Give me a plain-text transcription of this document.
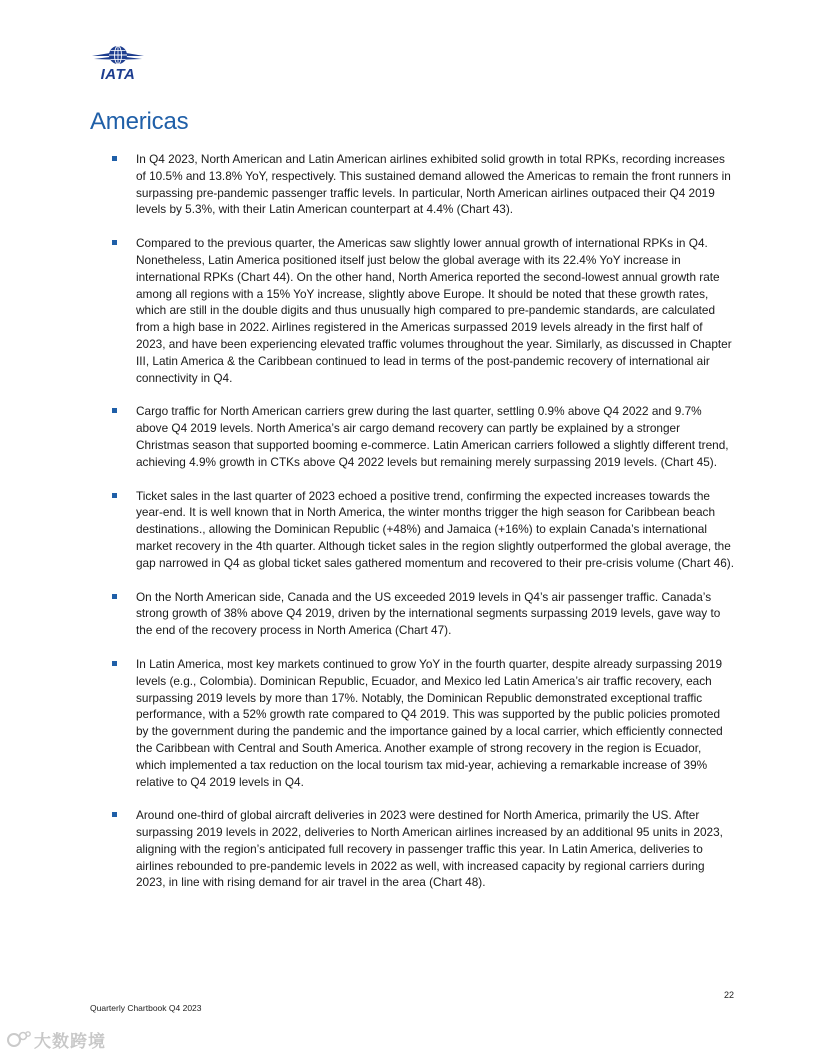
IATA
Americas
In Q4 2023, North American and Latin American airlines exhibited solid growth in total RPKs, recording increases of 10.5% and 13.8% YoY, respectively. This sustained demand allowed the Americas to remain the front runners in surpassing pre-pandemic passenger traffic levels. In particular, North American airlines outpaced their Q4 2019 levels by 5.3%, with their Latin American counterpart at 4.4% (Chart 43).
Compared to the previous quarter, the Americas saw slightly lower annual growth of international RPKs in Q4. Nonetheless, Latin America positioned itself just below the global average with its 22.4% YoY increase in international RPKs (Chart 44). On the other hand, North America reported the second-lowest annual growth rate among all regions with a 15% YoY increase, slightly above Europe. It should be noted that these growth rates, which are still in the double digits and thus unusually high compared to pre-pandemic standards, are calculated from a high base in 2022. Airlines registered in the Americas surpassed 2019 levels already in the first half of 2023, and have been experiencing elevated traffic volumes throughout the year. Similarly, as discussed in Chapter III, Latin America & the Caribbean continued to lead in terms of the post-pandemic recovery of international air connectivity in Q4.
Cargo traffic for North American carriers grew during the last quarter, settling 0.9% above Q4 2022 and 9.7% above Q4 2019 levels. North America’s air cargo demand recovery can partly be explained by a stronger Christmas season that supported booming e-commerce. Latin American carriers followed a slightly different trend, achieving 4.9% growth in CTKs above Q4 2022 levels but remaining merely surpassing 2019 levels. (Chart 45).
Ticket sales in the last quarter of 2023 echoed a positive trend, confirming the expected increases towards the year-end. It is well known that in North America, the winter months trigger the high season for Caribbean beach destinations., allowing the Dominican Republic (+48%) and Jamaica (+16%) to explain Canada’s international market recovery in the 4th quarter. Although ticket sales in the region slightly outperformed the global average, the gap narrowed in Q4 as global ticket sales gathered momentum and recovered to their pre-crisis volume (Chart 46).
On the North American side, Canada and the US exceeded 2019 levels in Q4’s air passenger traffic. Canada’s strong growth of 38% above Q4 2019, driven by the international segments surpassing 2019 levels, gave way to the end of the recovery process in North America (Chart 47).
In Latin America, most key markets continued to grow YoY in the fourth quarter, despite already surpassing 2019 levels (e.g., Colombia). Dominican Republic, Ecuador, and Mexico led Latin America’s air traffic recovery, each surpassing 2019 levels by more than 17%. Notably, the Dominican Republic demonstrated exceptional traffic performance, with a 52% growth rate compared to Q4 2019. This was supported by the public policies promoted by the government during the pandemic and the importance gained by a local carrier, which efficiently connected the Caribbean with Central and South America. Another example of strong recovery in the region is Ecuador, which implemented a tax reduction on the local tourism tax mid-year, achieving a remarkable increase of 39% relative to Q4 2019 levels in Q4.
Around one-third of global aircraft deliveries in 2023 were destined for North America, primarily the US. After surpassing 2019 levels in 2022, deliveries to North American airlines increased by an additional 95 units in 2023, aligning with the region’s anticipated full recovery in passenger traffic this year. In Latin America, deliveries to airlines rebounded to pre-pandemic levels in 2022 as well, with increased capacity by regional carriers during 2023, in line with rising demand for air travel in the area (Chart 48).
22
Quarterly Chartbook Q4 2023
大数跨境
